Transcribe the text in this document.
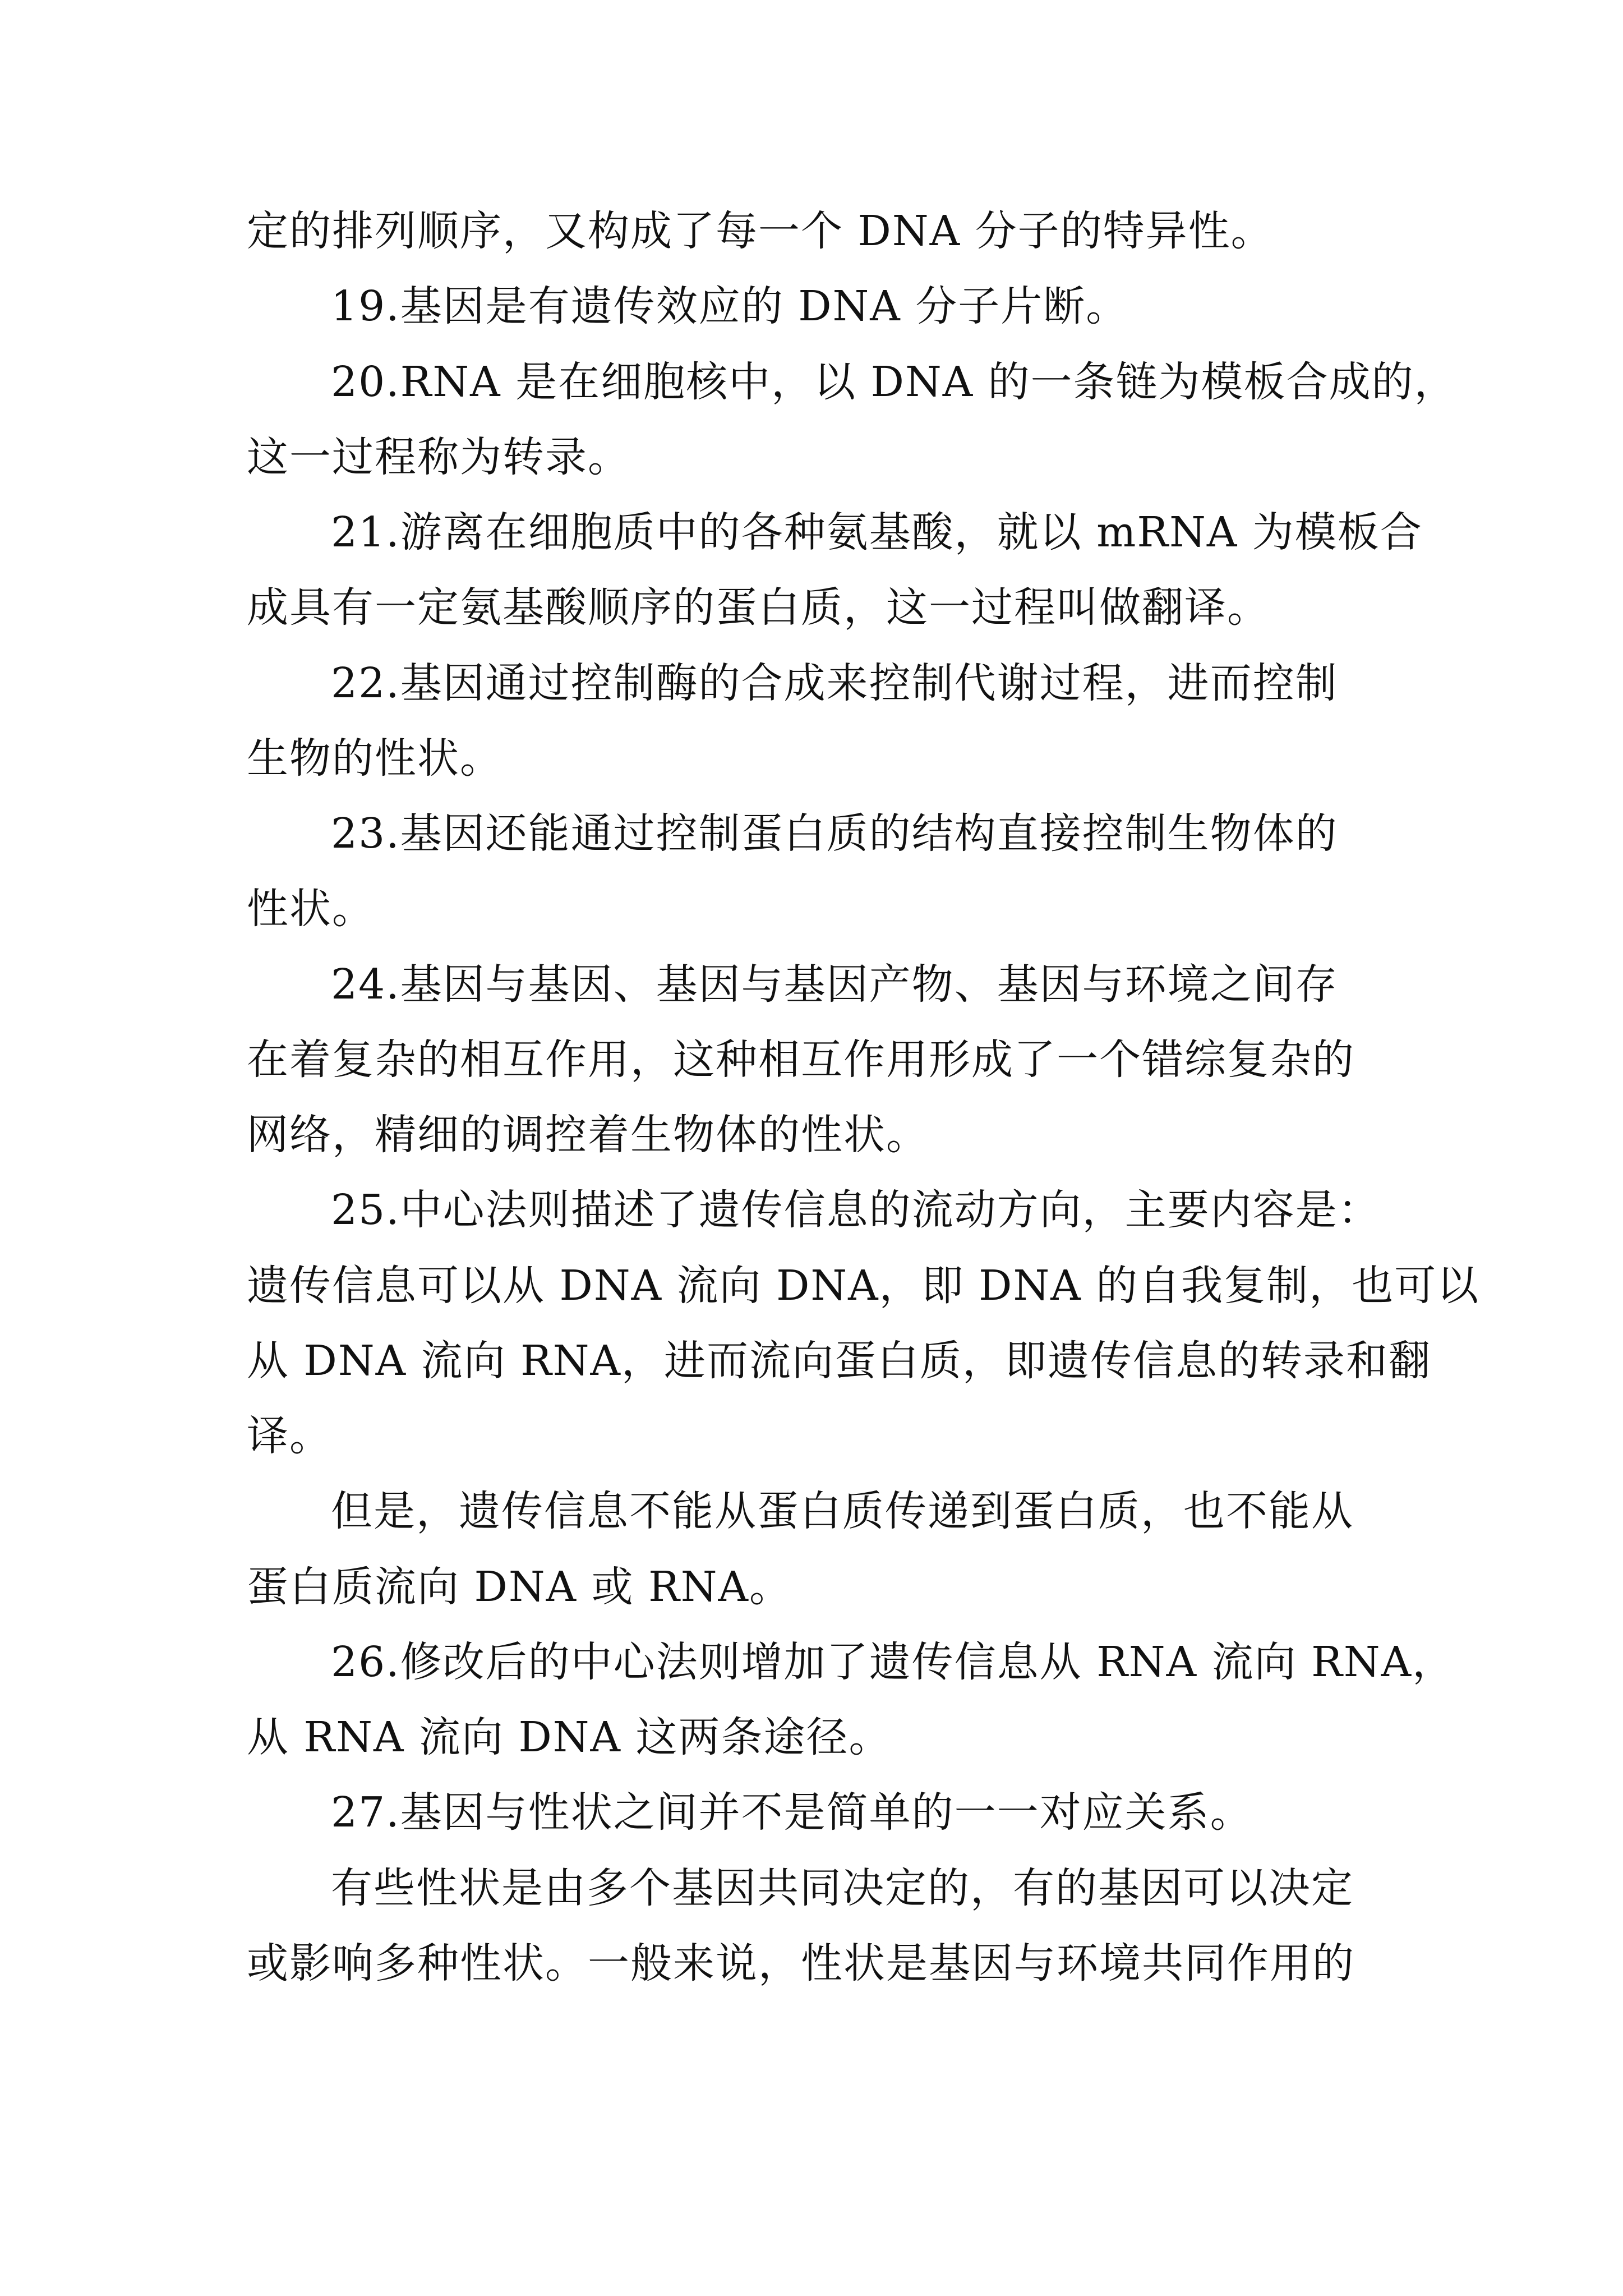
定的排列顺序，又构成了每一个 DNA 分子的特异性。
19.基因是有遗传效应的 DNA 分子片断。
20.RNA 是在细胞核中，以 DNA 的一条链为模板合成的，
这一过程称为转录。
21.游离在细胞质中的各种氨基酸，就以 mRNA 为模板合
成具有一定氨基酸顺序的蛋白质，这一过程叫做翻译。
22.基因通过控制酶的合成来控制代谢过程，进而控制
生物的性状。
23.基因还能通过控制蛋白质的结构直接控制生物体的
性状。
24.基因与基因、基因与基因产物、基因与环境之间存
在着复杂的相互作用，这种相互作用形成了一个错综复杂的
网络，精细的调控着生物体的性状。
25.中心法则描述了遗传信息的流动方向，主要内容是：
遗传信息可以从 DNA 流向 DNA，即 DNA 的自我复制，也可以
从 DNA 流向 RNA，进而流向蛋白质，即遗传信息的转录和翻
译。
但是，遗传信息不能从蛋白质传递到蛋白质，也不能从
蛋白质流向 DNA 或 RNA。
26.修改后的中心法则增加了遗传信息从 RNA 流向 RNA，
从 RNA 流向 DNA 这两条途径。
27.基因与性状之间并不是简单的一一对应关系。
有些性状是由多个基因共同决定的，有的基因可以决定
或影响多种性状。一般来说，性状是基因与环境共同作用的
